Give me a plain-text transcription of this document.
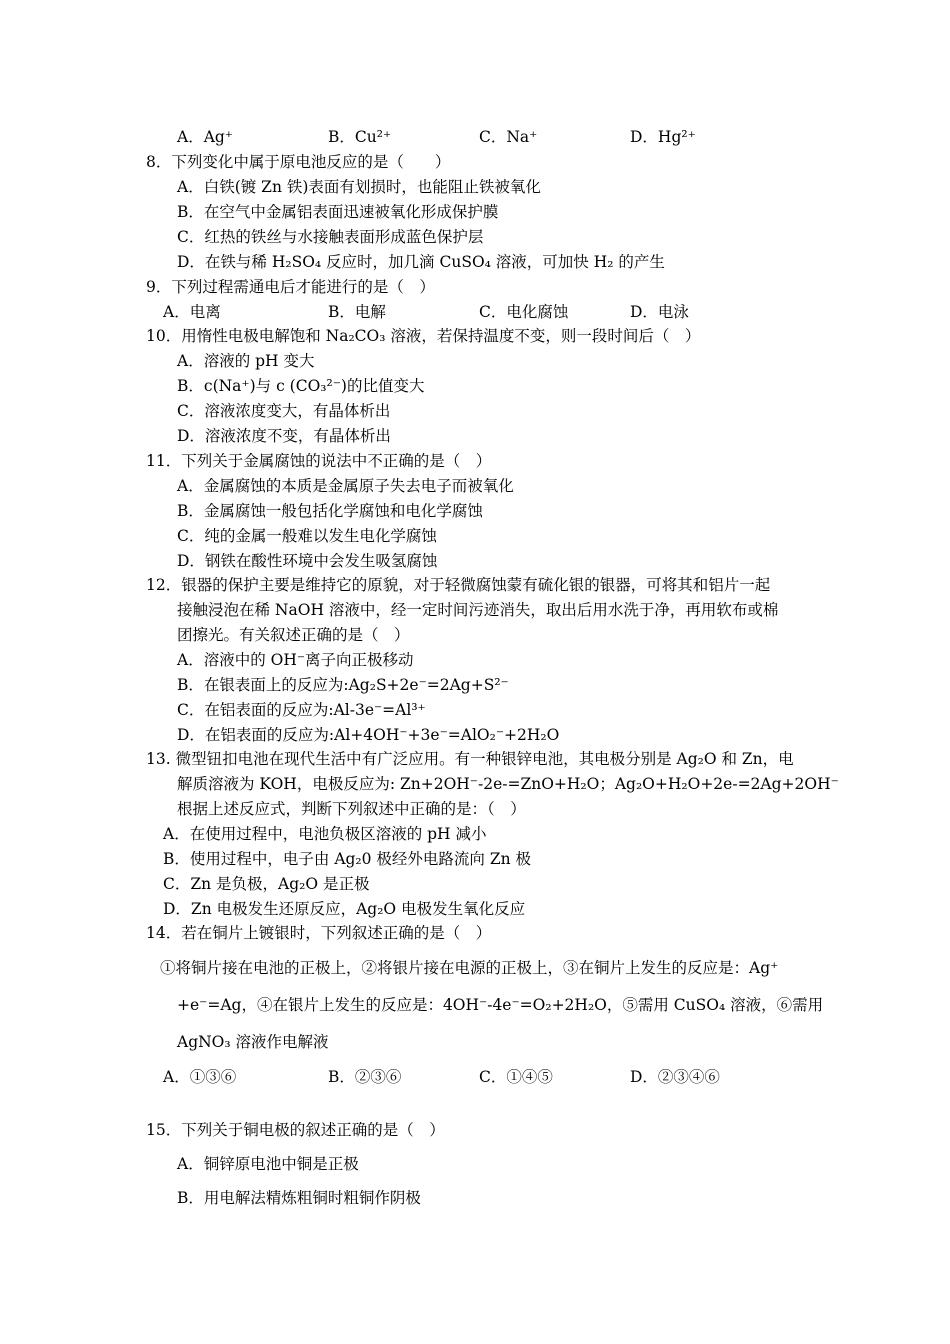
A．Ag⁺	B．Cu²⁺	C．Na⁺	D．Hg²⁺
8．下列变化中属于原电池反应的是（　　）
A．白铁(镀 Zn 铁)表面有划损时，也能阻止铁被氧化
B．在空气中金属铝表面迅速被氧化形成保护膜
C．红热的铁丝与水接触表面形成蓝色保护层
D．在铁与稀 H₂SO₄ 反应时，加几滴 CuSO₄ 溶液，可加快 H₂ 的产生
9．下列过程需通电后才能进行的是（　）
A．电离	B．电解	C．电化腐蚀	D．电泳
10．用惰性电极电解饱和 Na₂CO₃ 溶液，若保持温度不变，则一段时间后（　）
A．溶液的 pH 变大
B．c(Na⁺)与 c (CO₃²⁻)的比值变大
C．溶液浓度变大，有晶体析出
D．溶液浓度不变，有晶体析出
11．下列关于金属腐蚀的说法中不正确的是（　）
A．金属腐蚀的本质是金属原子失去电子而被氧化
B．金属腐蚀一般包括化学腐蚀和电化学腐蚀
C．纯的金属一般难以发生电化学腐蚀
D．钢铁在酸性环境中会发生吸氢腐蚀
12．银器的保护主要是维持它的原貌，对于轻微腐蚀蒙有硫化银的银器，可将其和铝片一起
接触浸泡在稀 NaOH 溶液中，经一定时间污迹消失，取出后用水洗于净，再用软布或棉
团擦光。有关叙述正确的是（　）
A．溶液中的 OH⁻离子向正极移动
B．在银表面上的反应为:Ag₂S+2e⁻=2Ag+S²⁻
C．在铝表面的反应为:Al-3e⁻=Al³⁺
D．在铝表面的反应为:Al+4OH⁻+3e⁻=AlO₂⁻+2H₂O
13. 微型钮扣电池在现代生活中有广泛应用。有一种银锌电池，其电极分别是 Ag₂O 和 Zn，电
解质溶液为 KOH，电极反应为: Zn+2OH⁻-2e-=ZnO+H₂O；Ag₂O+H₂O+2e-=2Ag+2OH⁻
根据上述反应式，判断下列叙述中正确的是：（　）
A．在使用过程中，电池负极区溶液的 pH 减小
B．使用过程中，电子由 Ag₂0 极经外电路流向 Zn 极
C．Zn 是负极，Ag₂O 是正极
D．Zn 电极发生还原反应，Ag₂O 电极发生氧化反应
14．若在铜片上镀银时，下列叙述正确的是（　）
①将铜片接在电池的正极上，②将银片接在电源的正极上，③在铜片上发生的反应是：Ag⁺
+e⁻=Ag，④在银片上发生的反应是：4OH⁻-4e⁻=O₂+2H₂O，⑤需用 CuSO₄ 溶液，⑥需用
AgNO₃ 溶液作电解液
A．①③⑥	B．②③⑥	C．①④⑤	D．②③④⑥
15．下列关于铜电极的叙述正确的是（　）
A．铜锌原电池中铜是正极
B．用电解法精炼粗铜时粗铜作阴极
